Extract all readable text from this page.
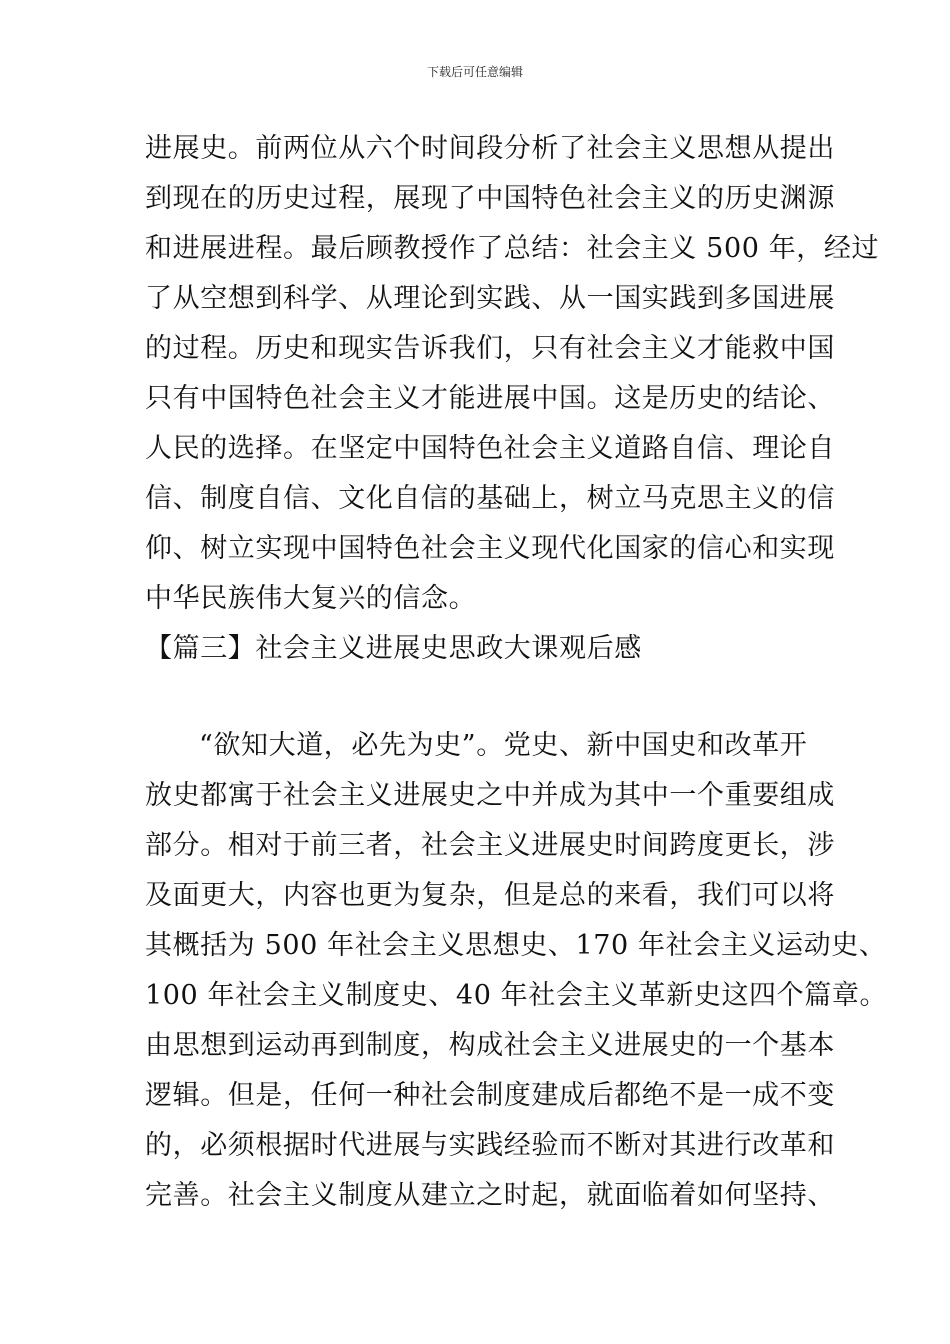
下载后可任意编辑
进展史。前两位从六个时间段分析了社会主义思想从提出
到现在的历史过程，展现了中国特色社会主义的历史渊源
和进展进程。最后顾教授作了总结：社会主义 500 年，经过
了从空想到科学、从理论到实践、从一国实践到多国进展
的过程。历史和现实告诉我们，只有社会主义才能救中国
只有中国特色社会主义才能进展中国。这是历史的结论、
人民的选择。在坚定中国特色社会主义道路自信、理论自
信、制度自信、文化自信的基础上，树立马克思主义的信
仰、树立实现中国特色社会主义现代化国家的信心和实现
中华民族伟大复兴的信念。
【篇三】社会主义进展史思政大课观后感
“欲知大道，必先为史”。党史、新中国史和改革开
放史都寓于社会主义进展史之中并成为其中一个重要组成
部分。相对于前三者，社会主义进展史时间跨度更长，涉
及面更大，内容也更为复杂，但是总的来看，我们可以将
其概括为 500 年社会主义思想史、170 年社会主义运动史、
100 年社会主义制度史、40 年社会主义革新史这四个篇章。
由思想到运动再到制度，构成社会主义进展史的一个基本
逻辑。但是，任何一种社会制度建成后都绝不是一成不变
的，必须根据时代进展与实践经验而不断对其进行改革和
完善。社会主义制度从建立之时起，就面临着如何坚持、
